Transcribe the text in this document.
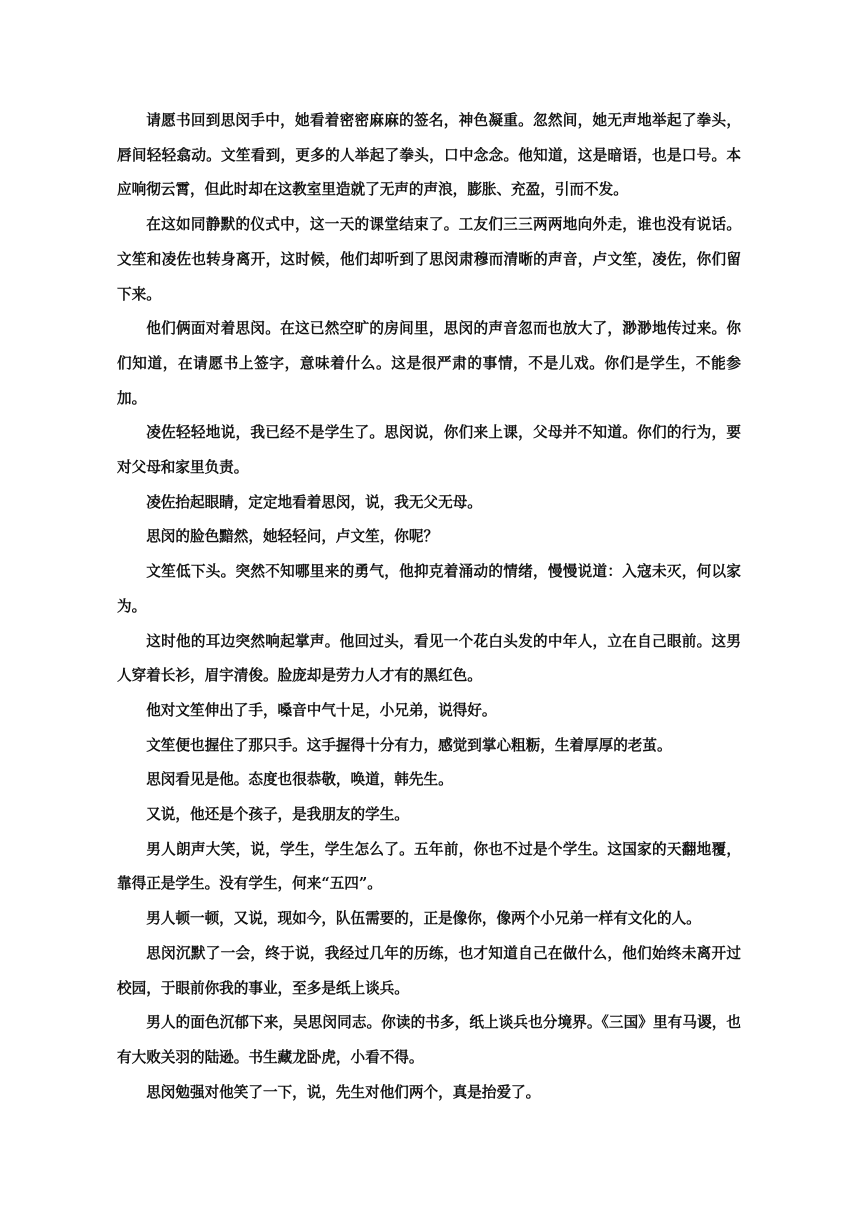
请愿书回到思闵手中，她看着密密麻麻的签名，神色凝重。忽然间，她无声地举起了拳头，唇间轻轻翕动。文笙看到，更多的人举起了拳头，口中念念。他知道，这是暗语，也是口号。本应响彻云霄，但此时却在这教室里造就了无声的声浪，膨胀、充盈，引而不发。

在这如同静默的仪式中，这一天的课堂结束了。工友们三三两两地向外走，谁也没有说话。文笙和凌佐也转身离开，这时候，他们却听到了思闵肃穆而清晰的声音，卢文笙，凌佐，你们留下来。

他们俩面对着思闵。在这已然空旷的房间里，思闵的声音忽而也放大了，渺渺地传过来。你们知道，在请愿书上签字，意味着什么。这是很严肃的事情，不是儿戏。你们是学生，不能参加。

凌佐轻轻地说，我已经不是学生了。思闵说，你们来上课，父母并不知道。你们的行为，要对父母和家里负责。

凌佐抬起眼睛，定定地看着思闵，说，我无父无母。

思闵的脸色黯然，她轻轻问，卢文笙，你呢？

文笙低下头。突然不知哪里来的勇气，他抑克着涌动的情绪，慢慢说道：入寇未灭，何以家为。

这时他的耳边突然响起掌声。他回过头，看见一个花白头发的中年人，立在自己眼前。这男人穿着长衫，眉宇清俊。脸庞却是劳力人才有的黑红色。

他对文笙伸出了手，嗓音中气十足，小兄弟，说得好。

文笙便也握住了那只手。这手握得十分有力，感觉到掌心粗粝，生着厚厚的老茧。

思闵看见是他。态度也很恭敬，唤道，韩先生。

又说，他还是个孩子，是我朋友的学生。

男人朗声大笑，说，学生，学生怎么了。五年前，你也不过是个学生。这国家的天翻地覆，靠得正是学生。没有学生，何来“五四”。

男人顿一顿，又说，现如今，队伍需要的，正是像你，像两个小兄弟一样有文化的人。

思闵沉默了一会，终于说，我经过几年的历练，也才知道自己在做什么，他们始终未离开过校园，于眼前你我的事业，至多是纸上谈兵。

男人的面色沉郁下来，吴思闵同志。你读的书多，纸上谈兵也分境界。《三国》里有马谡，也有大败关羽的陆逊。书生藏龙卧虎，小看不得。

思闵勉强对他笑了一下，说，先生对他们两个，真是抬爱了。
